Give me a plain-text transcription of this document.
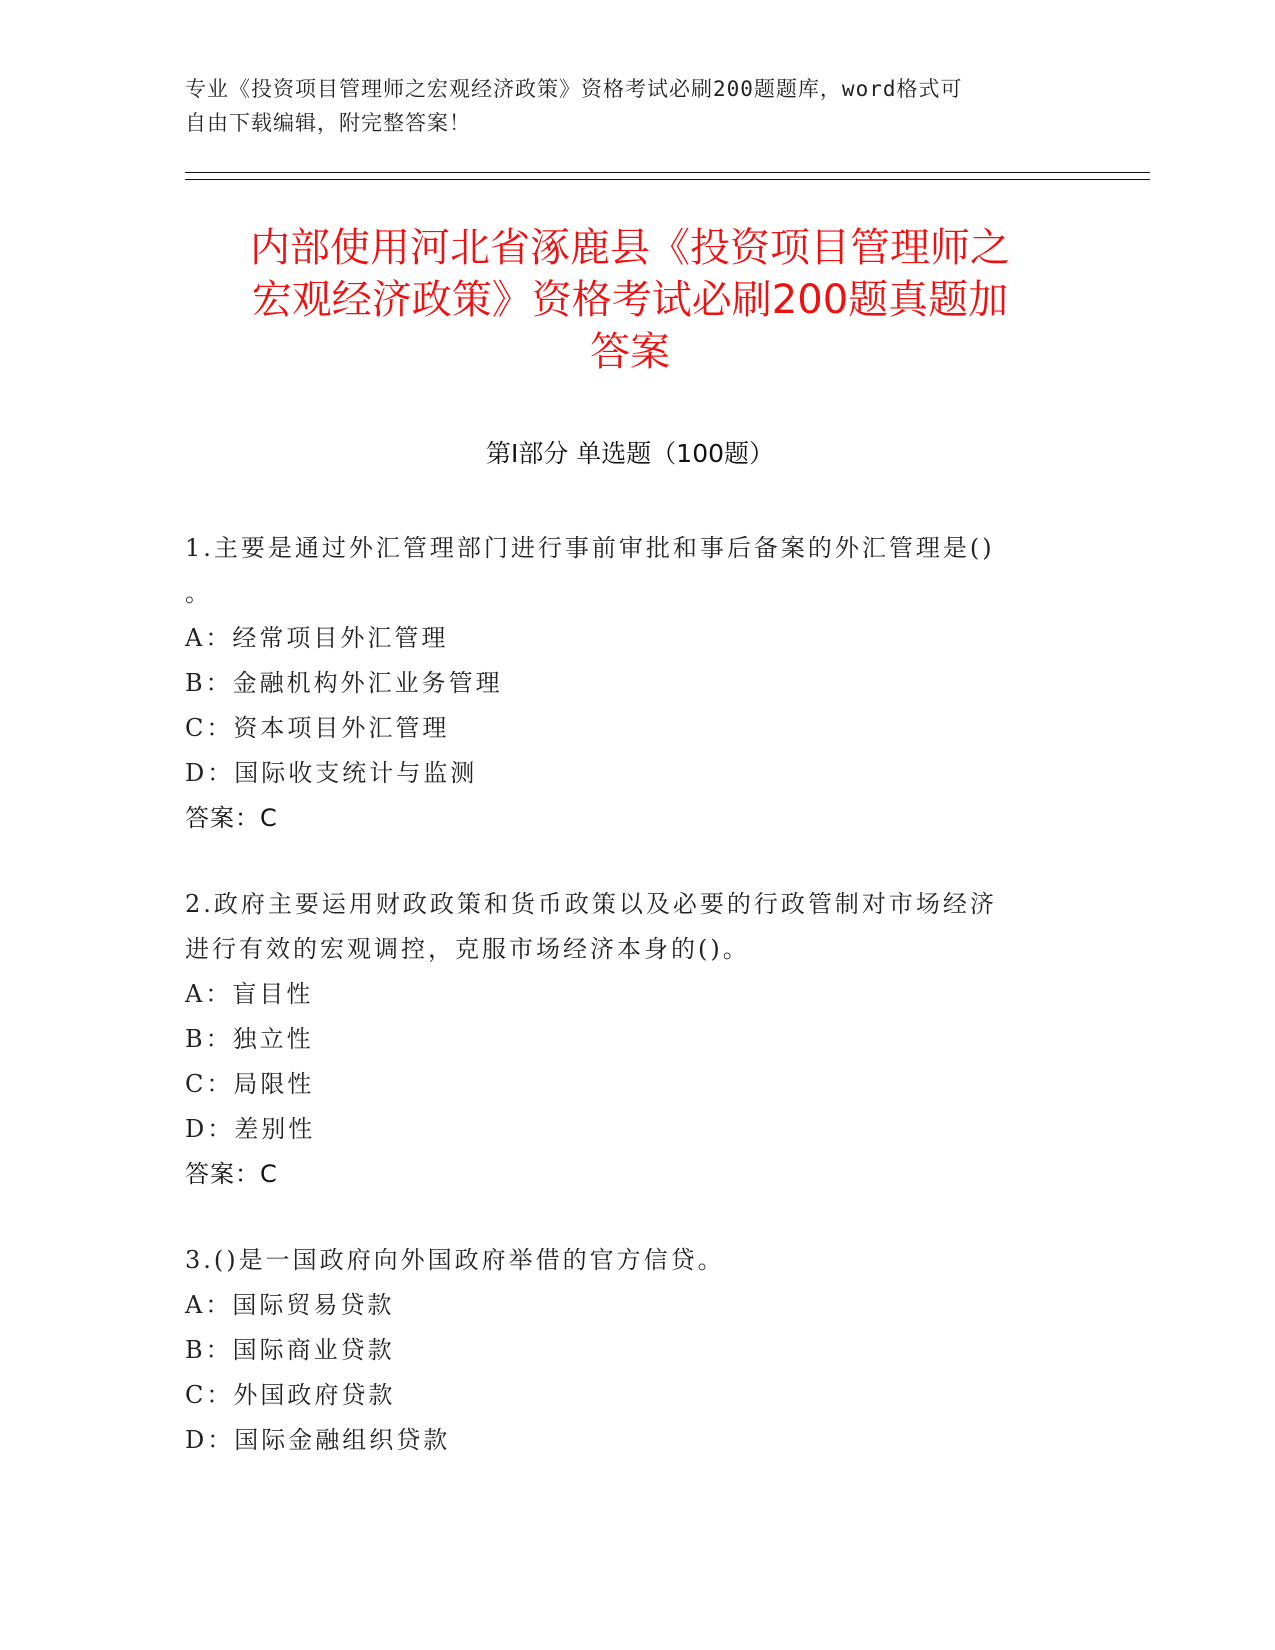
专业《投资项目管理师之宏观经济政策》资格考试必刷200题题库，word格式可
自由下载编辑，附完整答案！
内部使用河北省涿鹿县《投资项目管理师之
宏观经济政策》资格考试必刷200题真题加
答案
第Ⅰ部分 单选题（100题）
1.主要是通过外汇管理部门进行事前审批和事后备案的外汇管理是()
。
A：经常项目外汇管理
B：金融机构外汇业务管理
C：资本项目外汇管理
D：国际收支统计与监测
答案：C
2.政府主要运用财政政策和货币政策以及必要的行政管制对市场经济
进行有效的宏观调控，克服市场经济本身的()。
A：盲目性
B：独立性
C：局限性
D：差别性
答案：C
3.()是一国政府向外国政府举借的官方信贷。
A：国际贸易贷款
B：国际商业贷款
C：外国政府贷款
D：国际金融组织贷款
